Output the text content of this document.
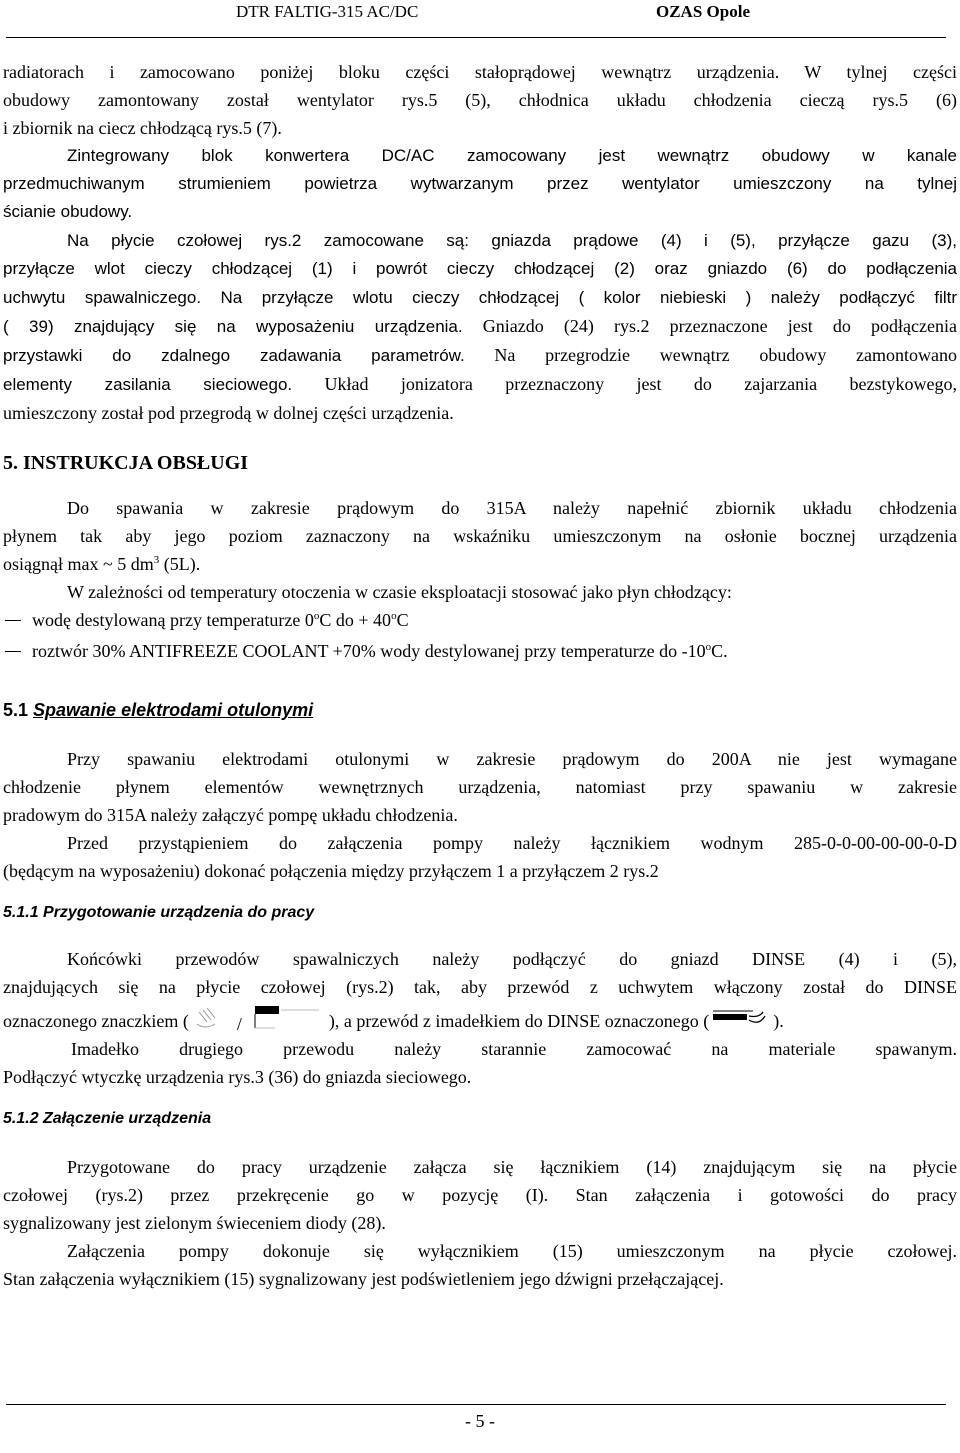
DTR FALTIG-315 AC/DC	OZAS Opole

radiatorach i zamocowano poniżej bloku części stałoprądowej wewnątrz urządzenia. W tylnej części
obudowy zamontowany został wentylator rys.5 (5), chłodnica układu chłodzenia cieczą rys.5 (6)
i zbiornik na ciecz chłodzącą rys.5 (7).

Zintegrowany blok konwertera DC/AC zamocowany jest wewnątrz obudowy w kanale
przedmuchiwanym strumieniem powietrza wytwarzanym przez wentylator umieszczony na tylnej
ścianie obudowy.

Na płycie czołowej rys.2 zamocowane są: gniazda prądowe (4) i (5), przyłącze gazu (3),
przyłącze wlot cieczy chłodzącej (1) i powrót cieczy chłodzącej (2) oraz gniazdo (6) do podłączenia
uchwytu spawalniczego. Na przyłącze wlotu cieczy chłodzącej ( kolor niebieski ) należy podłączyć filtr
( 39) znajdujący się na wyposażeniu urządzenia. Gniazdo (24) rys.2 przeznaczone jest do podłączenia
przystawki do zdalnego zadawania parametrów. Na przegrodzie wewnątrz obudowy zamontowano
elementy zasilania sieciowego. Układ jonizatora przeznaczony jest do zajarzania bezstykowego,
umieszczony został pod przegrodą w dolnej części urządzenia.

5. INSTRUKCJA OBSŁUGI

Do spawania w zakresie prądowym do 315A należy napełnić zbiornik układu chłodzenia
płynem tak aby jego poziom zaznaczony na wskaźniku umieszczonym na osłonie bocznej urządzenia
osiągnął max ~ 5 $dm^3$ (5L).

W zależności od temperatury otoczenia w czasie eksploatacji stosować jako płyn chłodzący:

wodę destylowaną przy temperaturze 0$^o$C do + $40^oC$
roztwór 30% ANTIFREEZE COOLANT +70% wody destylowanej przy temperaturze do -10$^o$C.
5.1 Spawanie elektrodami otulonymi

Przy spawaniu elektrodami otulonymi w zakresie prądowym do 200A nie jest wymagane
chłodzenie płynem elementów wewnętrznych urządzenia, natomiast przy spawaniu w zakresie
pradowym do 315A należy załączyć pompę układu chłodzenia.

Przed przystąpieniem do załączenia pompy należy łącznikiem wodnym 285-0-0-00-00-00-0-D
(będącym na wyposażeniu) dokonać połączenia między przyłączem 1 a przyłączem 2 rys.2

5.1.1 Przygotowanie urządzenia do pracy

Końcówki przewodów spawalniczych należy podłączyć do gniazd DINSE (4) i (5),
znajdujących się na płycie czołowej (rys.2) tak, aby przewód z uchwytem włączony został do DINSE
oznaczonego znaczkiem (	/	), a przewód z imadełkiem do DINSE oznaczonego (	).

Imadełko drugiego przewodu należy starannie zamocować na materiale spawanym.
Podłączyć wtyczkę urządzenia rys.3 (36) do gniazda sieciowego.

5.1.2 Załączenie urządzenia

Przygotowane do pracy urządzenie załącza się łącznikiem (14) znajdującym się na płycie
czołowej (rys.2) przez przekręcenie go w pozycję (I). Stan załączenia i gotowości do pracy
sygnalizowany jest zielonym świeceniem diody (28).

Załączenia pompy dokonuje się wyłącznikiem (15) umieszczonym na płycie czołowej.
Stan załączenia wyłącznikiem (15) sygnalizowany jest podświetleniem jego dźwigni przełączającej.

- 5 -
